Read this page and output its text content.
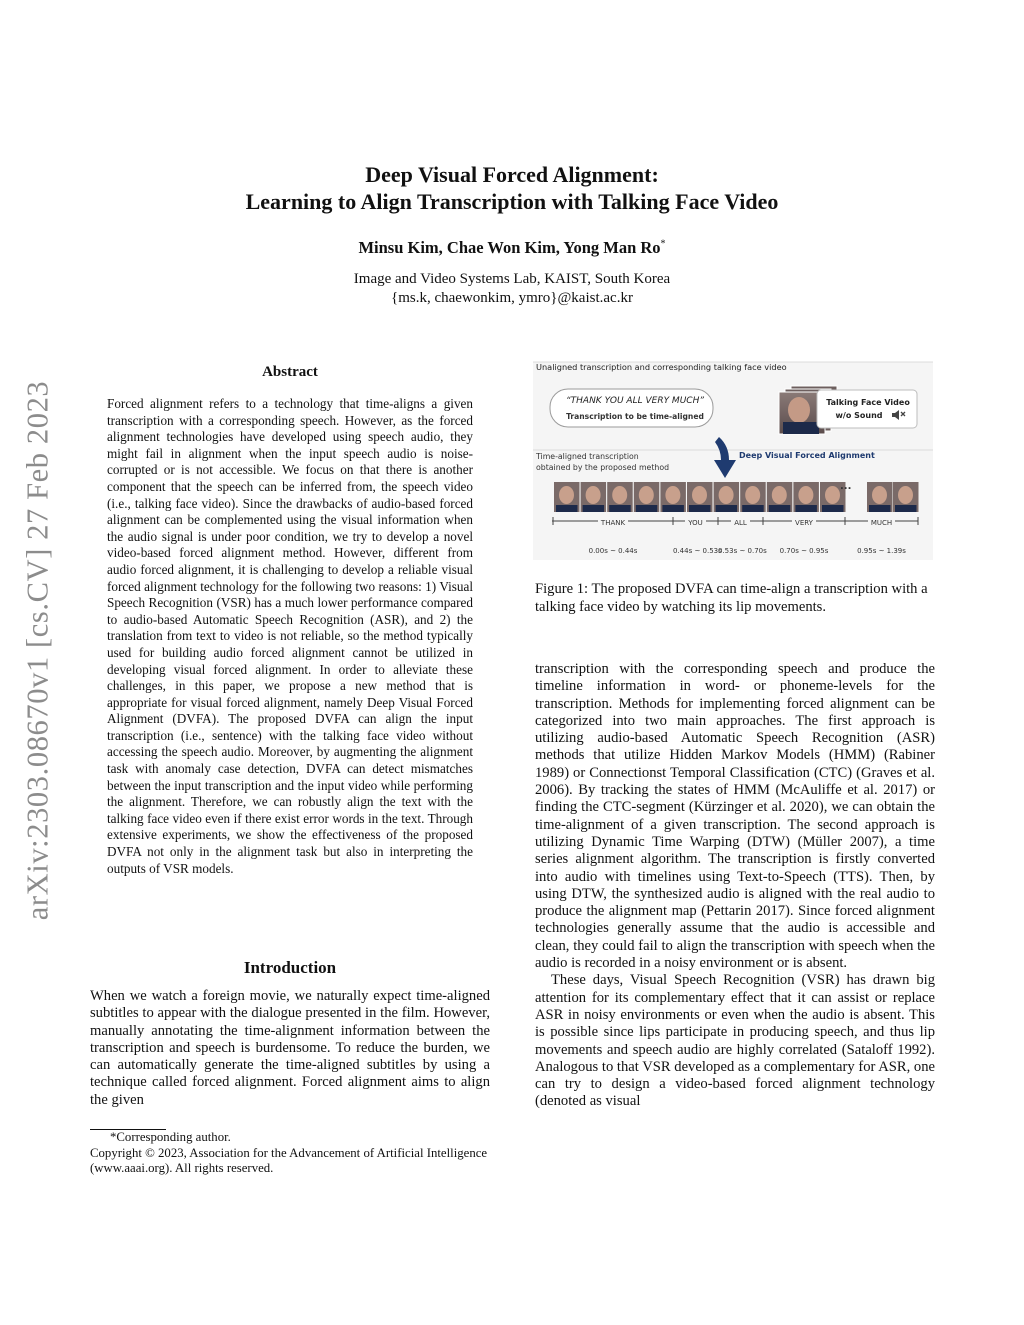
arXiv:2303.08670v1 [cs.CV] 27 Feb 2023
Deep Visual Forced Alignment:
Learning to Align Transcription with Talking Face Video
Minsu Kim, Chae Won Kim, Yong Man Ro*
Image and Video Systems Lab, KAIST, South Korea
{ms.k, chaewonkim, ymro}@kaist.ac.kr
Abstract
Forced alignment refers to a technology that time-aligns a given transcription with a corresponding speech. However, as the forced alignment technologies have developed using speech audio, they might fail in alignment when the input speech audio is noise-corrupted or is not accessible. We focus on that there is another component that the speech can be inferred from, the speech video (i.e., talking face video). Since the drawbacks of audio-based forced alignment can be complemented using the visual information when the audio signal is under poor condition, we try to develop a novel video-based forced alignment method. However, different from audio forced alignment, it is challenging to develop a reliable visual forced alignment technology for the following two reasons: 1) Visual Speech Recognition (VSR) has a much lower performance compared to audio-based Automatic Speech Recognition (ASR), and 2) the translation from text to video is not reliable, so the method typically used for building audio forced alignment cannot be utilized in developing visual forced alignment. In order to alleviate these challenges, in this paper, we propose a new method that is appropriate for visual forced alignment, namely Deep Visual Forced Alignment (DVFA). The proposed DVFA can align the input transcription (i.e., sentence) with the talking face video without accessing the speech audio. Moreover, by augmenting the alignment task with anomaly case detection, DVFA can detect mismatches between the input transcription and the input video while performing the alignment. Therefore, we can robustly align the text with the talking face video even if there exist error words in the text. Through extensive experiments, we show the effectiveness of the proposed DVFA not only in the alignment task but also in interpreting the outputs of VSR models.
Introduction
When we watch a foreign movie, we naturally expect time-aligned subtitles to appear with the dialogue presented in the film. However, manually annotating the time-alignment information between the transcription and speech is burdensome. To reduce the burden, we can automatically generate the time-aligned subtitles by using a technique called forced alignment. Forced alignment aims to align the given
*Corresponding author.
Copyright © 2023, Association for the Advancement of Artificial Intelligence (www.aaai.org). All rights reserved.
Unaligned transcription and corresponding talking face video
“THANK YOU ALL VERY MUCH”
Transcription to be time-aligned
Talking Face Video
w/o Sound
Deep Visual Forced Alignment
Time-aligned transcription
obtained by the proposed method
...
THANK	YOU	ALL	VERY	MUCH
0.00s ~ 0.44s	0.44s ~ 0.53s
0.53s ~ 0.70s	0.70s ~ 0.95s	0.95s ~ 1.39s
Figure 1: The proposed DVFA can time-align a transcription with a talking face video by watching its lip movements.

transcription with the corresponding speech and produce the timeline information in word- or phoneme-levels for the transcription. Methods for implementing forced alignment can be categorized into two main approaches. The first approach is utilizing audio-based Automatic Speech Recognition (ASR) methods that utilize Hidden Markov Models (HMM) (Rabiner 1989) or Connectionst Temporal Classification (CTC) (Graves et al. 2006). By tracking the states of HMM (McAuliffe et al. 2017) or finding the CTC-segment (Kürzinger et al. 2020), we can obtain the time-alignment of a given transcription. The second approach is utilizing Dynamic Time Warping (DTW) (Müller 2007), a time series alignment algorithm. The transcription is firstly converted into audio with timelines using Text-to-Speech (TTS). Then, by using DTW, the synthesized audio is aligned with the real audio to produce the alignment map (Pettarin 2017). Since forced alignment technologies generally assume that the audio is accessible and clean, they could fail to align the transcription with speech when the audio is recorded in a noisy environment or is absent.

These days, Visual Speech Recognition (VSR) has drawn big attention for its complementary effect that it can assist or replace ASR in noisy environments or even when the audio is absent. This is possible since lips participate in producing speech, and thus lip movements and speech audio are highly correlated (Sataloff 1992). Analogous to that VSR developed as a complementary for ASR, one can try to design a video-based forced alignment technology (denoted as visual
